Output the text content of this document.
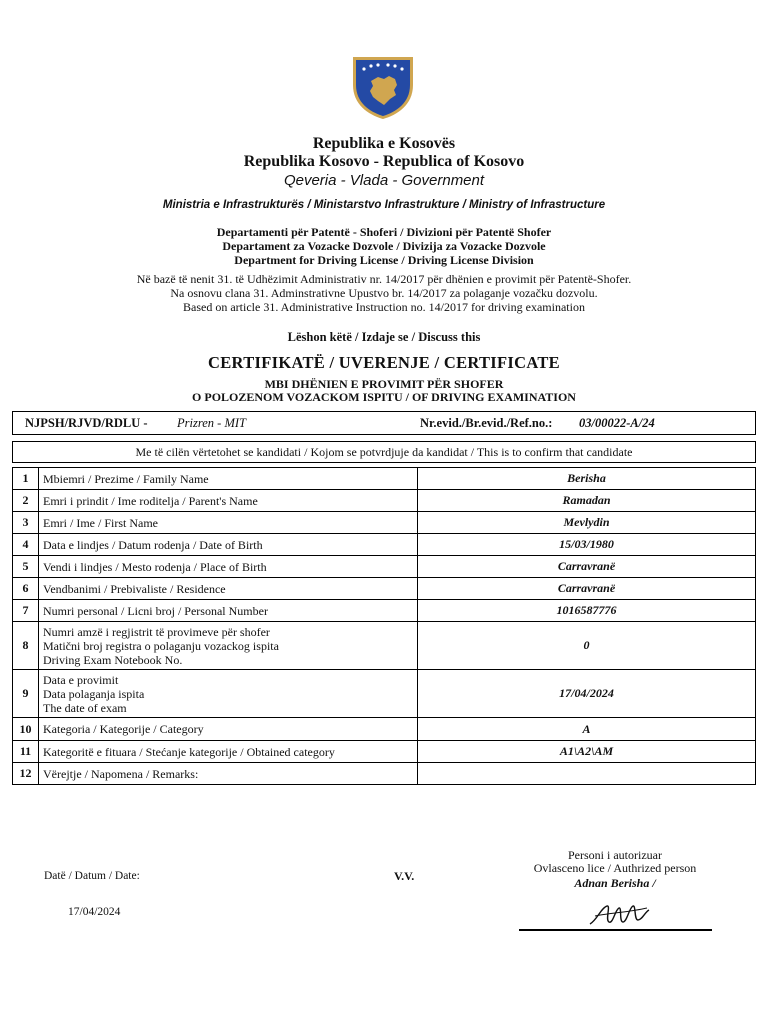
Republika e Kosovës
Republika Kosovo - Republica of Kosovo
Qeveria - Vlada - Government
Ministria e Infrastrukturës / Ministarstvo Infrastrukture / Ministry of Infrastructure
Departamenti për Patentë - Shoferi / Divizioni për Patentë Shofer
Departament za Vozacke Dozvole / Divizija za Vozacke Dozvole
Department for Driving License / Driving License Division
Në bazë të nenit 31. të Udhëzimit Administrativ nr. 14/2017 për dhënien e provimit për Patentë-Shofer.
Na osnovu clana 31. Adminstrativne Upustvo br. 14/2017 za polaganje vozačku dozvolu.
Based on article 31. Administrative Instruction no. 14/2017 for driving examination
Lëshon këtë / Izdaje se / Discuss this
CERTIFIKATË / UVERENJE / CERTIFICATE
MBI DHËNIEN E PROVIMIT PËR SHOFER
O POLOZENOM VOZACKOM ISPITU / OF DRIVING EXAMINATION
NJPSH/RJVD/RDLU - Prizren - MIT	Nr.evid./Br.evid./Ref.no.: 03/00022-A/24
Me të cilën vërtetohet se kandidati / Kojom se potvrdjuje da kandidat / This is to confirm that candidate
1	Mbiemri / Prezime / Family Name	Berisha
2	Emri i prindit / Ime roditelja / Parent's Name	Ramadan
3	Emri / Ime / First Name	Mevlydin
4	Data e lindjes / Datum rodenja / Date of Birth	15/03/1980
5	Vendi i lindjes / Mesto rodenja / Place of Birth	Carravranë
6	Vendbanimi / Prebivaliste / Residence	Carravranë
7	Numri personal / Licni broj / Personal Number	1016587776
8	Numri amzë i regjistrit të provimeve për shofer
Matični broj registra o polaganju vozackog ispita
Driving Exam Notebook No.	0
9	Data e provimit
Data polaganja ispita
The date of exam	17/04/2024
10	Kategoria / Kategorije / Category	A
11	Kategoritë e fituara / Stećanje kategorije / Obtained category	A1\A2\AM
12	Vërejtje / Napomena / Remarks:	
Datë / Datum / Date:
17/04/2024
V.V.
Personi i autorizuar
Ovlasceno lice / Authrized person
Adnan Berisha /
